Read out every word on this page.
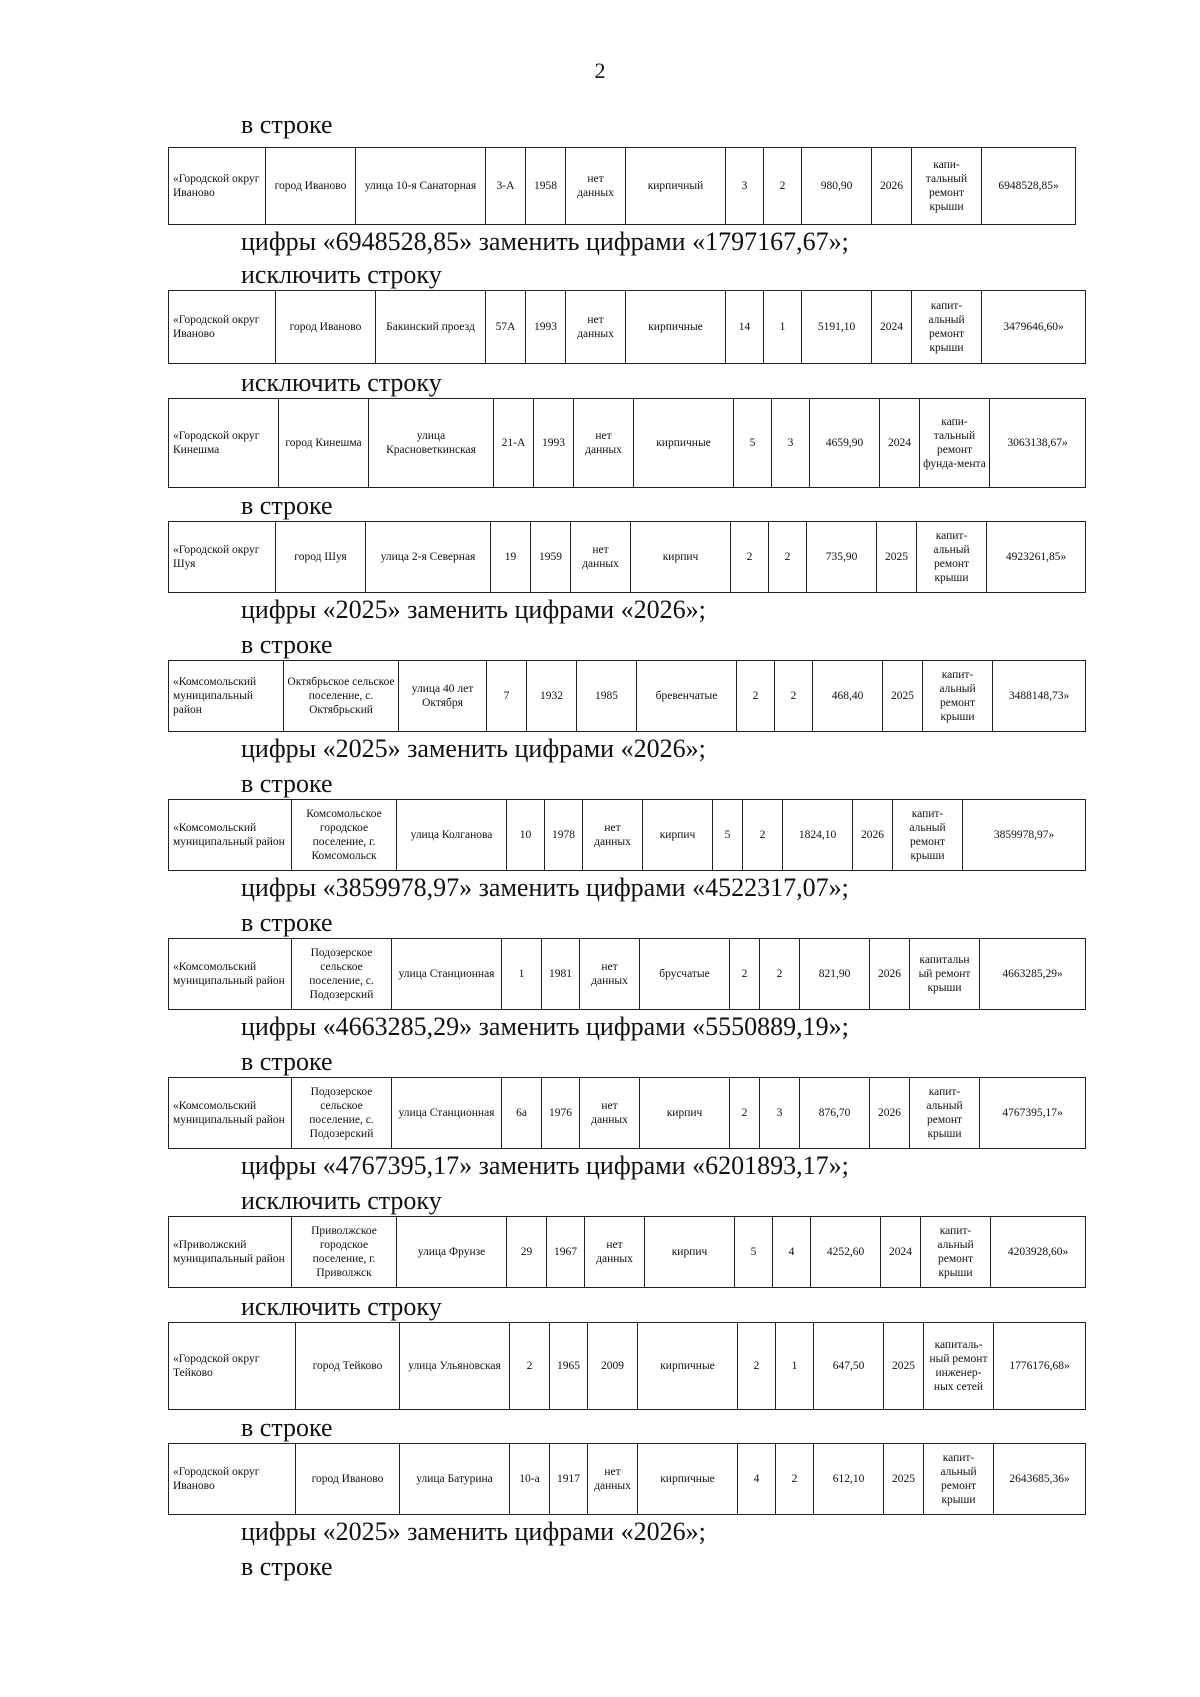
2
в строке
«Городской округ Иваново	город Иваново	улица 10-я Санаторная	3-А	1958	нет данных	кирпичный	3	2	980,90	2026	капи-тальный ремонт крыши	6948528,85»
цифры «6948528,85» заменить цифрами «1797167,67»;
исключить строку
«Городской округ Иваново	город Иваново	Бакинский проезд	57А	1993	нет данных	кирпичные	14	1	5191,10	2024	капит-альный ремонт крыши	3479646,60»
исключить строку
«Городской округ Кинешма	город Кинешма	улица Красноветкинская	21-А	1993	нет данных	кирпичные	5	3	4659,90	2024	капи-тальный ремонт фунда-мента	3063138,67»
в строке
«Городской округ Шуя	город Шуя	улица 2-я Северная	19	1959	нет данных	кирпич	2	2	735,90	2025	капит-альный ремонт крыши	4923261,85»
цифры «2025» заменить цифрами «2026»;
в строке
«Комсомольский муниципальный район	Октябрьское сельское поселение, с. Октябрьский	улица 40 лет Октября	7	1932	1985	бревенчатые	2	2	468,40	2025	капит-альный ремонт крыши	3488148,73»
цифры «2025» заменить цифрами «2026»;
в строке
«Комсомольский муниципальный район	Комсомольское городское поселение, г. Комсомольск	улица Колганова	10	1978	нет данных	кирпич	5	2	1824,10	2026	капит-альный ремонт крыши	3859978,97»
цифры «3859978,97» заменить цифрами «4522317,07»;
в строке
«Комсомольский муниципальный район	Подозерское сельское поселение, с. Подозерский	улица Станционная	1	1981	нет данных	брусчатые	2	2	821,90	2026	капитальн ый ремонт крыши	4663285,29»
цифры «4663285,29» заменить цифрами «5550889,19»;
в строке
«Комсомольский муниципальный район	Подозерское сельское поселение, с. Подозерский	улица Станционная	6а	1976	нет данных	кирпич	2	3	876,70	2026	капит-альный ремонт крыши	4767395,17»
цифры «4767395,17» заменить цифрами «6201893,17»;
исключить строку
«Приволжский муниципальный район	Приволжское городское поселение, г. Приволжск	улица Фрунзе	29	1967	нет данных	кирпич	5	4	4252,60	2024	капит-альный ремонт крыши	4203928,60»
исключить строку
«Городской округ Тейково	город Тейково	улица Ульяновская	2	1965	2009	кирпичные	2	1	647,50	2025	капиталь-ный ремонт инженер-ных сетей	1776176,68»
в строке
«Городской округ Иваново	город Иваново	улица Батурина	10-а	1917	нет данных	кирпичные	4	2	612,10	2025	капит-альный ремонт крыши	2643685,36»
цифры «2025» заменить цифрами «2026»;
в строке
